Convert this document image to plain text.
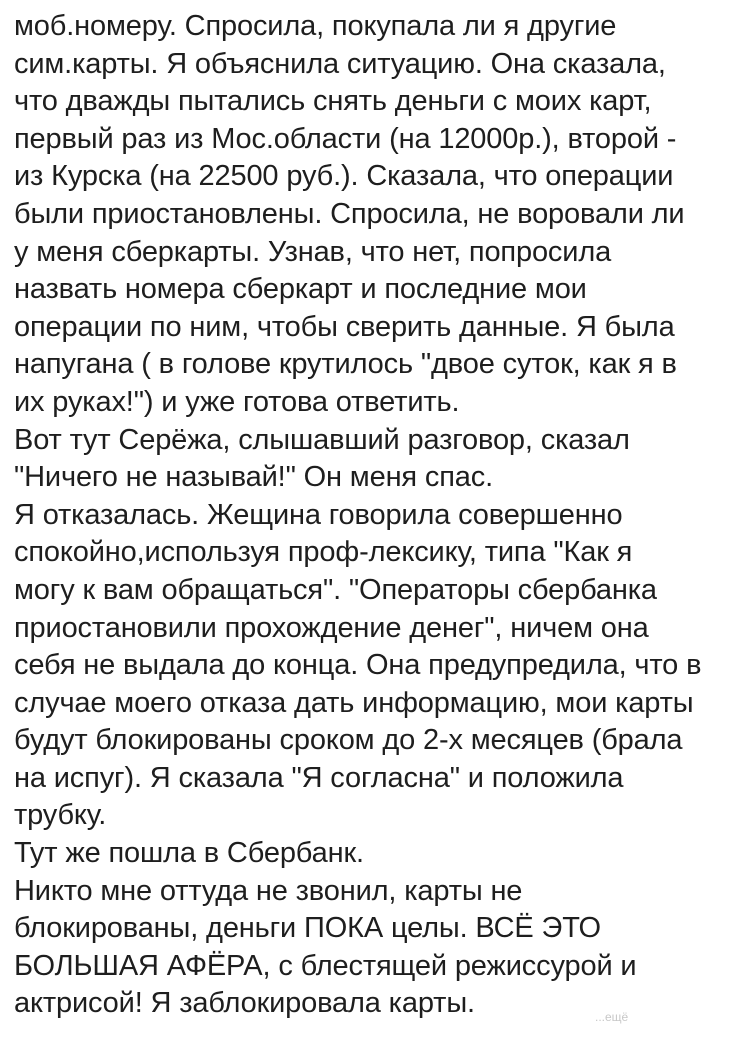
моб.номеру. Спросила, покупала ли я другие
сим.карты. Я объяснила ситуацию. Она сказала,
что дважды пытались снять деньги с моих карт,
первый раз из Мос.области (на 12000р.), второй -
из Курска (на 22500 руб.). Сказала, что операции
были приостановлены. Спросила, не воровали ли
у меня сберкарты. Узнав, что нет, попросила
назвать номера сберкарт и последние мои
операции по ним, чтобы сверить данные. Я была
напугана ( в голове крутилось "двое суток, как я в
их руках!") и уже готова ответить.
Вот тут Серёжа, слышавший разговор, сказал
"Ничего не называй!" Он меня спас.
Я отказалась. Жещина говорила совершенно
спокойно,используя проф-лексику, типа "Как я
могу к вам обращаться". "Операторы сбербанка
приостановили прохождение денег", ничем она
себя не выдала до конца. Она предупредила, что в
случае моего отказа дать информацию, мои карты
будут блокированы сроком до 2-х месяцев (брала
на испуг). Я сказала "Я согласна" и положила
трубку.
Тут же пошла в Сбербанк.
Никто мне оттуда не звонил, карты не
блокированы, деньги ПОКА целы. ВСЁ ЭТО
БОЛЬШАЯ АФЁРА, с блестящей режиссурой и
актрисой! Я заблокировала карты.	...ещё
